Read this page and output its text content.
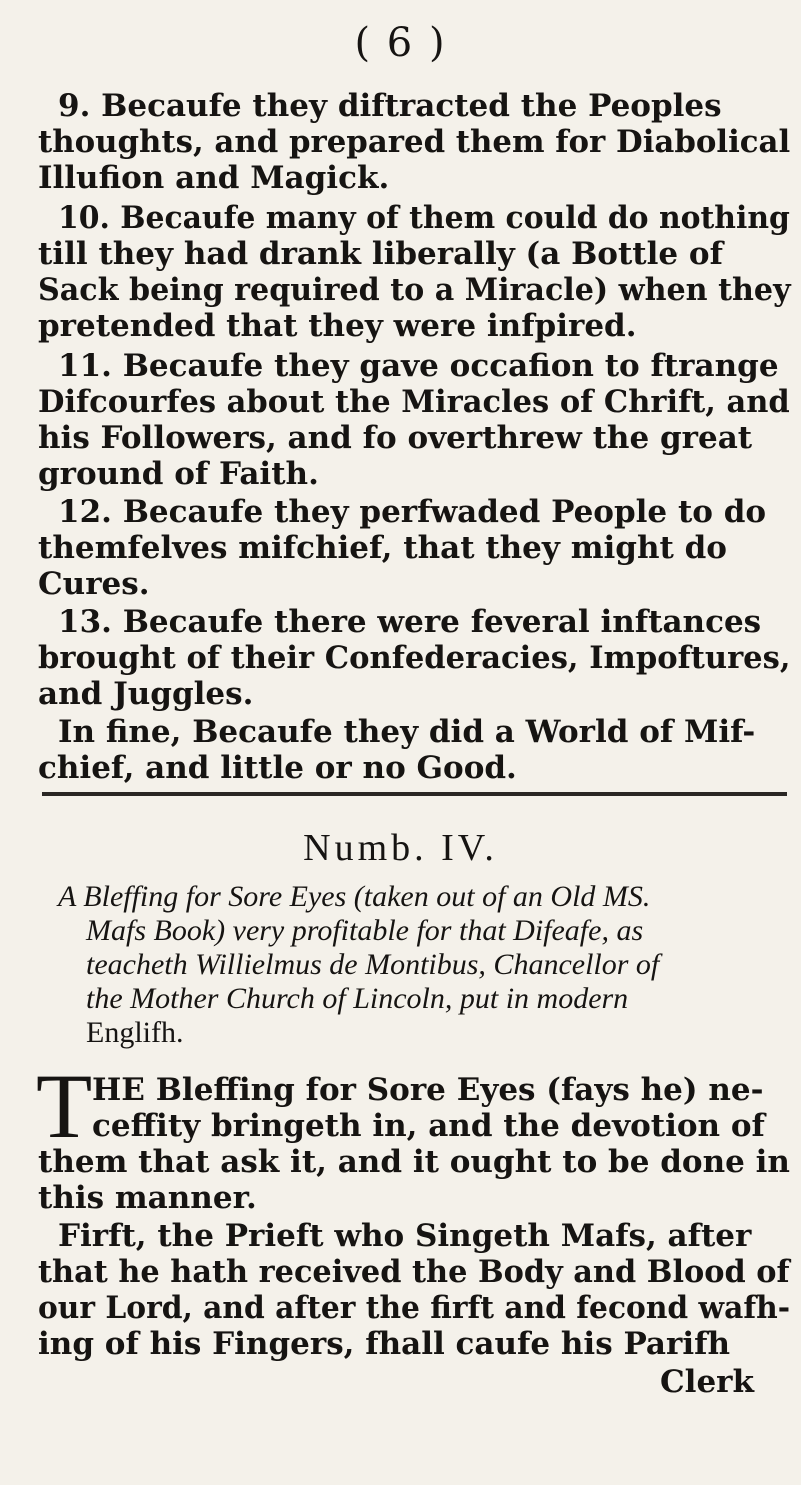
( 6 )
9. Becaufe they diftracted the Peoples
thoughts, and prepared them for Diabolical
Illufion and Magick.
10. Becaufe many of them could do nothing
till they had drank liberally (a Bottle of
Sack being required to a Miracle) when they
pretended that they were infpired.
11. Becaufe they gave occafion to ftrange
Difcourfes about the Miracles of Chrift, and
his Followers, and fo overthrew the great
ground of Faith.
12. Becaufe they perfwaded People to do
themfelves mifchief, that they might do
Cures.
13. Becaufe there were feveral inftances
brought of their Confederacies, Impoftures,
and Juggles.
In fine, Becaufe they did a World of Mif-
chief, and little or no Good.
Numb. IV.
A Bleffing for Sore Eyes (taken out of an Old MS.
Mafs Book) very profitable for that Difeafe, as
teacheth Willielmus de Montibus, Chancellor of
the Mother Church of Lincoln, put in modern
Englifh.
T HE Bleffing for Sore Eyes (fays he) ne-
ceffity bringeth in, and the devotion of
them that ask it, and it ought to be done in
this manner.
Firft, the Prieft who Singeth Mafs, after
that he hath received the Body and Blood of
our Lord, and after the firft and fecond wafh-
ing of his Fingers, fhall caufe his Parifh
Clerk
